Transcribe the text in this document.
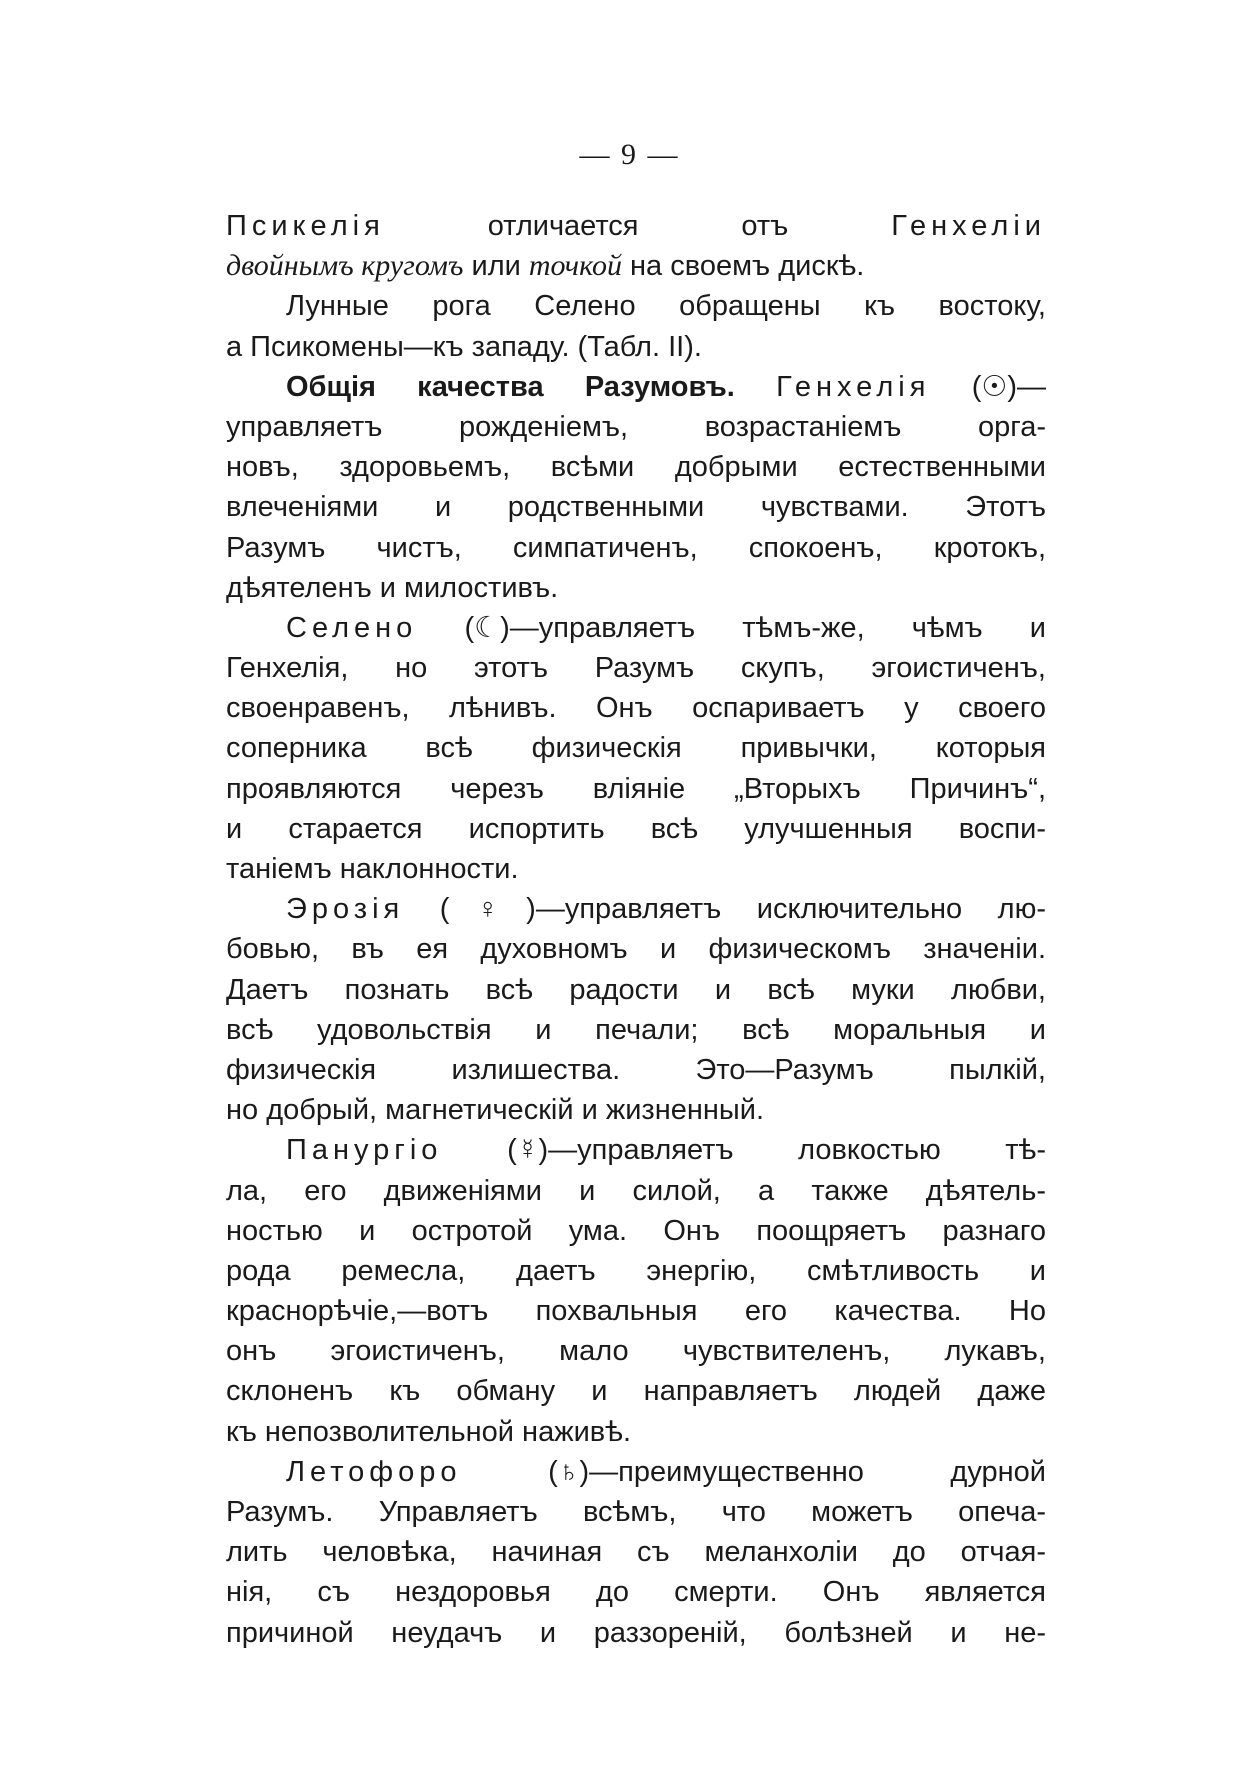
— 9 —
Псикелія	отличается отъ	Генхеліи
двойнымъ кругомъ или точкой на своемъ дискѣ.
Лунные рога Селено обращены къ востоку,
а Псикомены—къ западу. (Табл. II).
Общія качества Разумовъ. Генхелія (☉)—
управляетъ рожденіемъ, возрастаніемъ орга-
новъ, здоровьемъ, всѣми добрыми естественными
влеченіями и родственными чувствами. Этотъ
Разумъ чистъ, симпатиченъ, спокоенъ, кротокъ,
дѣятеленъ и милостивъ.
Селено (☾)—управляетъ тѣмъ-же, чѣмъ и
Генхелія, но этотъ Разумъ скупъ, эгоистиченъ,
своенравенъ, лѣнивъ. Онъ оспариваетъ у своего
соперника всѣ физическія привычки, которыя
проявляются черезъ вліяніе „Вторыхъ Причинъ“,
и старается испортить всѣ улучшенныя воспи-
таніемъ наклонности.
Эрозія (♀)—управляетъ исключительно лю-
бовью, въ ея духовномъ и физическомъ значеніи.
Даетъ познать всѣ радости и всѣ муки любви,
всѣ удовольствія и печали; всѣ моральныя и
физическія излишества. Это—Разумъ пылкій,
но добрый, магнетическій и жизненный.
Панургіо (☿)—управляетъ ловкостью тѣ-
ла, его движеніями и силой, а также дѣятель-
ностью и остротой ума. Онъ поощряетъ разнаго
рода ремесла, даетъ энергію, смѣтливость и
краснорѣчіе,—вотъ похвальныя его качества. Но
онъ эгоистиченъ, мало чувствителенъ, лукавъ,
склоненъ къ обману и направляетъ людей даже
къ непозволительной наживѣ.
Летофоро	(♄)—преимущественно дурной
Разумъ. Управляетъ всѣмъ, что можетъ опеча-
лить человѣка, начиная съ меланхоліи до отчая-
нія, съ нездоровья до смерти. Онъ является
причиной неудачъ и раззореній, болѣзней и не-
